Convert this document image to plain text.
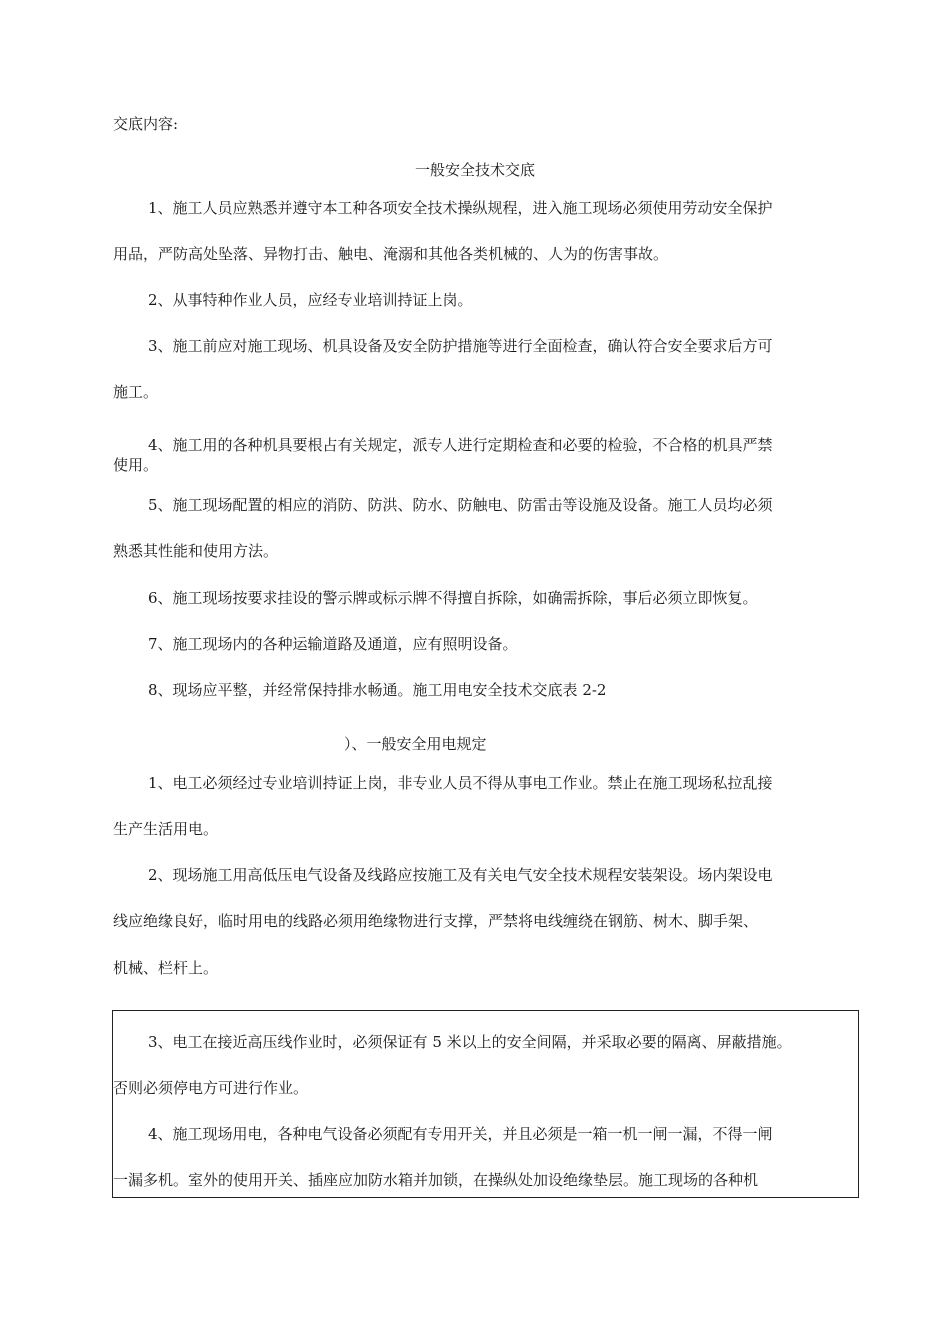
交底内容:
一般安全技术交底
1、施工人员应熟悉并遵守本工种各项安全技术操纵规程，进入施工现场必须使用劳动安全保护
用品，严防高处坠落、异物打击、触电、淹溺和其他各类机械的、人为的伤害事故。
2、从事特种作业人员，应经专业培训持证上岗。
3、施工前应对施工现场、机具设备及安全防护措施等进行全面检查，确认符合安全要求后方可
施工。
4、施工用的各种机具要根占有关规定，派专人进行定期检查和必要的检验，不合格的机具严禁
使用。
5、施工现场配置的相应的消防、防洪、防水、防触电、防雷击等设施及设备。施工人员均必须
熟悉其性能和使用方法。
6、施工现场按要求挂设的警示牌或标示牌不得擅自拆除，如确需拆除，事后必须立即恢复。
7、施工现场内的各种运输道路及通道，应有照明设备。
8、现场应平整，并经常保持排水畅通。施工用电安全技术交底表 2-2
）、一般安全用电规定
1、电工必须经过专业培训持证上岗，非专业人员不得从事电工作业。禁止在施工现场私拉乱接
生产生活用电。
2、现场施工用高低压电气设备及线路应按施工及有关电气安全技术规程安装架设。场内架设电
线应绝缘良好，临时用电的线路必须用绝缘物进行支撑，严禁将电线缠绕在钢筋、树木、脚手架、
机械、栏杆上。
3、电工在接近高压线作业时，必须保证有 5 米以上的安全间隔，并采取必要的隔离、屏蔽措施。
否则必须停电方可进行作业。
4、施工现场用电，各种电气设备必须配有专用开关，并且必须是一箱一机一闸一漏，不得一闸
一漏多机。室外的使用开关、插座应加防水箱并加锁，在操纵处加设绝缘垫层。施工现场的各种机
